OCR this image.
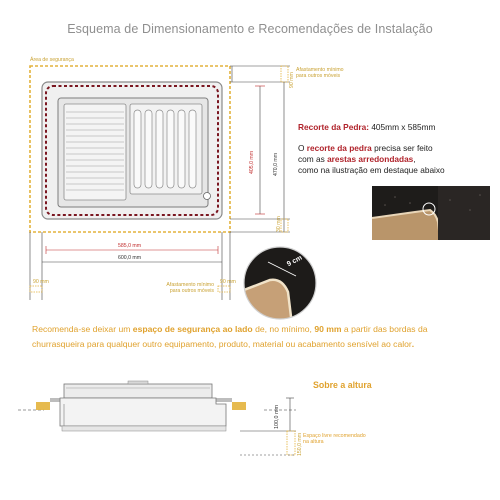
Esquema de Dimensionamento e Recomendações de Instalação
Área de segurança
Afastamento mínimo
para outros móveis
Afastamento mínimo
para outros móveis
405,0 mm	470,0 mm
90 mm
30 mm
585,0 mm
600,0 mm
90 mm	90 mm
9 cm
Recorte da Pedra: 405mm x 585mm
O recorte da pedra precisa ser feito
com as arestas arredondadas,
como na ilustração em destaque abaixo
Recomenda-se deixar um espaço de segurança ao lado de, no mínimo, 90 mm a partir das bordas da churrasqueira para qualquer outro equipamento, produto, material ou acabamento sensível ao calor.
Sobre a altura
100,0 mm
150,0 mm Espaço livre recomendado
na altura
